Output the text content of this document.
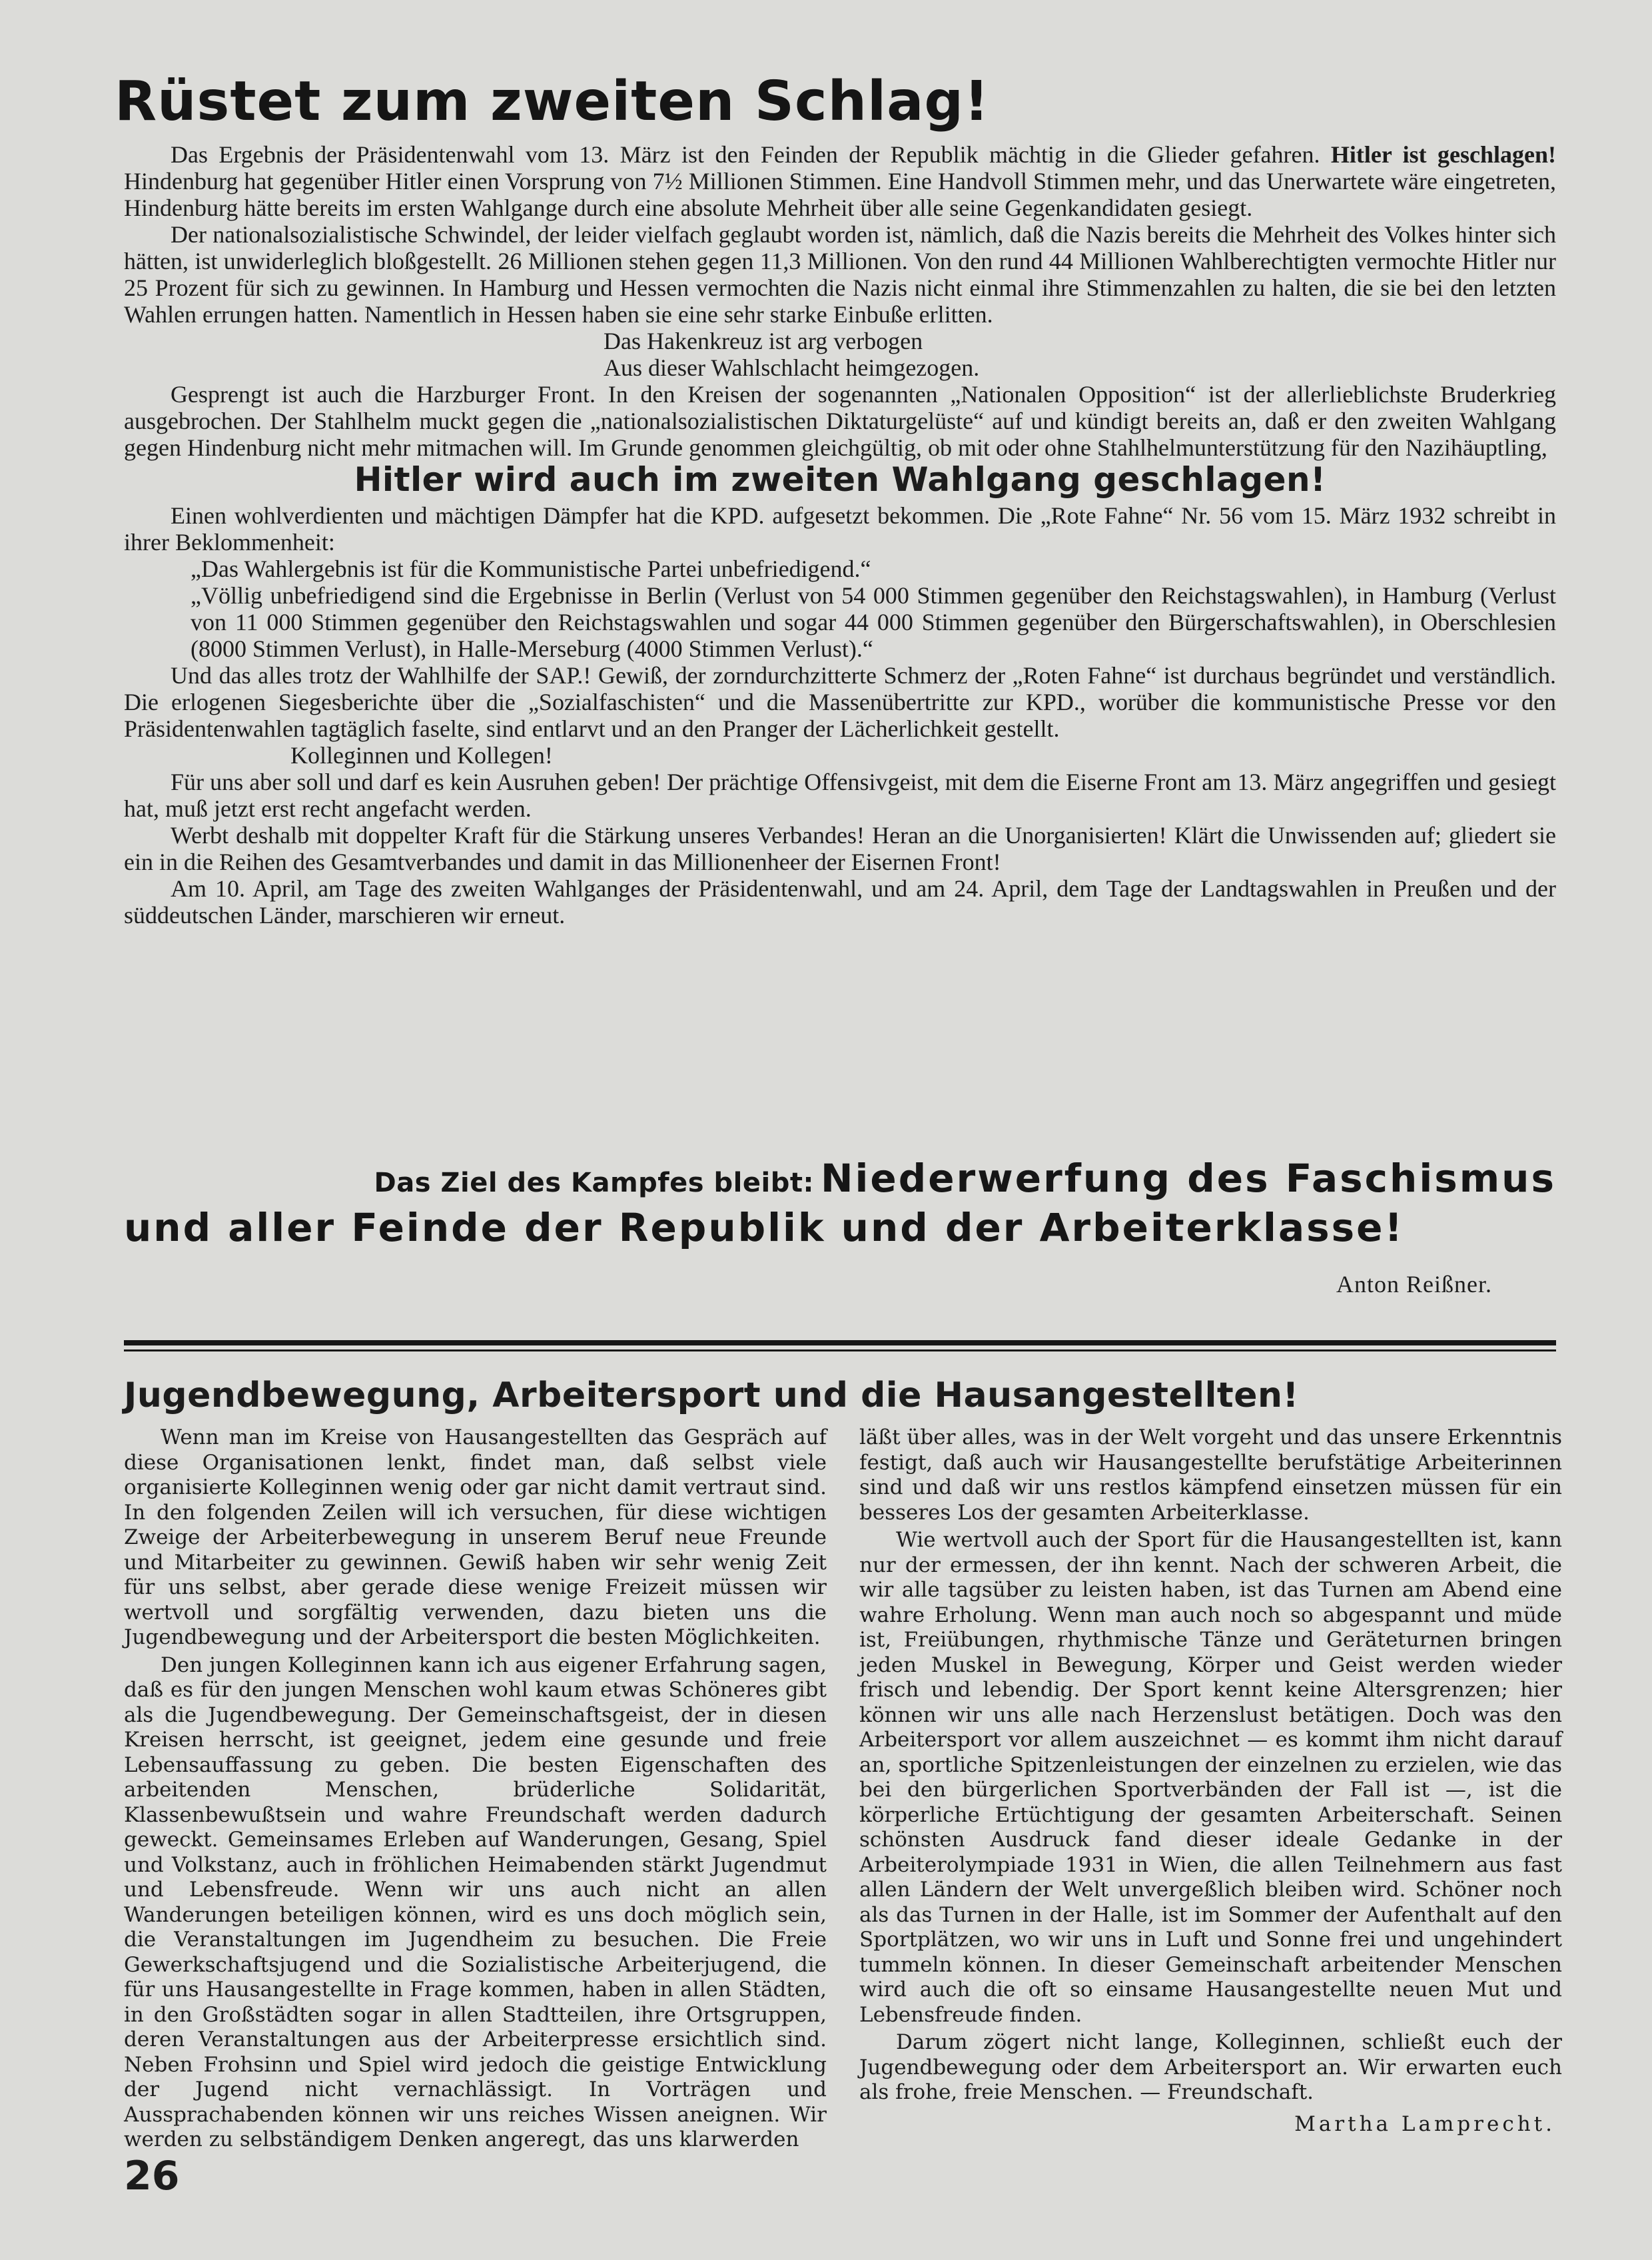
Rüstet zum zweiten Schlag!

Das Ergebnis der Präsidentenwahl vom 13. März ist den Feinden der Republik mächtig in die Glieder gefahren. Hitler ist geschlagen! Hindenburg hat gegenüber Hitler einen Vorsprung von 7½ Millionen Stimmen. Eine Handvoll Stimmen mehr, und das Unerwartete wäre eingetreten, Hindenburg hätte bereits im ersten Wahlgange durch eine absolute Mehrheit über alle seine Gegenkandidaten gesiegt.

Der nationalsozialistische Schwindel, der leider vielfach geglaubt worden ist, nämlich, daß die Nazis bereits die Mehrheit des Volkes hinter sich hätten, ist unwiderleglich bloßgestellt. 26 Millionen stehen gegen 11,3 Millionen. Von den rund 44 Millionen Wahlberechtigten vermochte Hitler nur 25 Prozent für sich zu gewinnen. In Hamburg und Hessen vermochten die Nazis nicht einmal ihre Stimmenzahlen zu halten, die sie bei den letzten Wahlen errungen hatten. Namentlich in Hessen haben sie eine sehr starke Einbuße erlitten.

Das Hakenkreuz ist arg verbogen

Aus dieser Wahlschlacht heimgezogen.

Gesprengt ist auch die Harzburger Front. In den Kreisen der sogenannten „Nationalen Opposition“ ist der allerlieblichste Bruderkrieg ausgebrochen. Der Stahlhelm muckt gegen die „nationalsozialistischen Diktaturgelüste“ auf und kündigt bereits an, daß er den zweiten Wahlgang gegen Hindenburg nicht mehr mitmachen will. Im Grunde genommen gleichgültig, ob mit oder ohne Stahlhelmunterstützung für den Nazihäuptling,

Hitler wird auch im zweiten Wahlgang geschlagen!

Einen wohlverdienten und mächtigen Dämpfer hat die KPD. aufgesetzt bekommen. Die „Rote Fahne“ Nr. 56 vom 15. März 1932 schreibt in ihrer Beklommenheit:

„Das Wahlergebnis ist für die Kommunistische Partei unbefriedigend.“

„Völlig unbefriedigend sind die Ergebnisse in Berlin (Verlust von 54 000 Stimmen gegenüber den Reichstagswahlen), in Hamburg (Verlust von 11 000 Stimmen gegenüber den Reichstagswahlen und sogar 44 000 Stimmen gegenüber den Bürgerschaftswahlen), in Oberschlesien (8000 Stimmen Verlust), in Halle-Merseburg (4000 Stimmen Verlust).“

Und das alles trotz der Wahlhilfe der SAP.! Gewiß, der zorndurchzitterte Schmerz der „Roten Fahne“ ist durchaus begründet und verständlich. Die erlogenen Siegesberichte über die „Sozialfaschisten“ und die Massenübertritte zur KPD., worüber die kommunistische Presse vor den Präsidentenwahlen tagtäglich faselte, sind entlarvt und an den Pranger der Lächerlichkeit gestellt.

Kolleginnen und Kollegen!

Für uns aber soll und darf es kein Ausruhen geben! Der prächtige Offensivgeist, mit dem die Eiserne Front am 13. März angegriffen und gesiegt hat, muß jetzt erst recht angefacht werden.

Werbt deshalb mit doppelter Kraft für die Stärkung unseres Verbandes! Heran an die Unorganisierten! Klärt die Unwissenden auf; gliedert sie ein in die Reihen des Gesamtverbandes und damit in das Millionenheer der Eisernen Front!

Am 10. April, am Tage des zweiten Wahlganges der Präsidentenwahl, und am 24. April, dem Tage der Landtagswahlen in Preußen und der süddeutschen Länder, marschieren wir erneut.

Das Ziel des Kampfes bleibt: Niederwerfung des Faschismus
und aller Feinde der Republik und der Arbeiterklasse!
Anton Reißner.
Jugendbewegung, Arbeitersport und die Hausangestellten!

Wenn man im Kreise von Hausangestellten das Gespräch auf diese Organisationen lenkt, findet man, daß selbst viele organisierte Kolleginnen wenig oder gar nicht damit vertraut sind. In den folgenden Zeilen will ich versuchen, für diese wichtigen Zweige der Arbeiterbewegung in unserem Beruf neue Freunde und Mitarbeiter zu gewinnen. Gewiß haben wir sehr wenig Zeit für uns selbst, aber gerade diese wenige Freizeit müssen wir wertvoll und sorgfältig verwenden, dazu bieten uns die Jugendbewegung und der Arbeitersport die besten Möglichkeiten.

Den jungen Kolleginnen kann ich aus eigener Erfahrung sagen, daß es für den jungen Menschen wohl kaum etwas Schöneres gibt als die Jugendbewegung. Der Gemeinschaftsgeist, der in diesen Kreisen herrscht, ist geeignet, jedem eine gesunde und freie Lebensauffassung zu geben. Die besten Eigenschaften des arbeitenden Menschen, brüderliche Solidarität, Klassenbewußtsein und wahre Freundschaft werden dadurch geweckt. Gemeinsames Erleben auf Wanderungen, Gesang, Spiel und Volkstanz, auch in fröhlichen Heimabenden stärkt Jugendmut und Lebensfreude. Wenn wir uns auch nicht an allen Wanderungen beteiligen können, wird es uns doch möglich sein, die Veranstaltungen im Jugendheim zu besuchen. Die Freie Gewerkschaftsjugend und die Sozialistische Arbeiterjugend, die für uns Hausangestellte in Frage kommen, haben in allen Städten, in den Großstädten sogar in allen Stadtteilen, ihre Ortsgruppen, deren Veranstaltungen aus der Arbeiterpresse ersichtlich sind. Neben Frohsinn und Spiel wird jedoch die geistige Entwicklung der Jugend nicht vernachlässigt. In Vorträgen und Aussprachabenden können wir uns reiches Wissen aneignen. Wir werden zu selbständigem Denken angeregt, das uns klarwerden

läßt über alles, was in der Welt vorgeht und das unsere Erkenntnis festigt, daß auch wir Hausangestellte berufstätige Arbeiterinnen sind und daß wir uns restlos kämpfend einsetzen müssen für ein besseres Los der gesamten Arbeiterklasse.

Wie wertvoll auch der Sport für die Hausangestellten ist, kann nur der ermessen, der ihn kennt. Nach der schweren Arbeit, die wir alle tagsüber zu leisten haben, ist das Turnen am Abend eine wahre Erholung. Wenn man auch noch so abgespannt und müde ist, Freiübungen, rhythmische Tänze und Geräteturnen bringen jeden Muskel in Bewegung, Körper und Geist werden wieder frisch und lebendig. Der Sport kennt keine Altersgrenzen; hier können wir uns alle nach Herzenslust betätigen. Doch was den Arbeitersport vor allem auszeichnet — es kommt ihm nicht darauf an, sportliche Spitzenleistungen der einzelnen zu erzielen, wie das bei den bürgerlichen Sportverbänden der Fall ist —, ist die körperliche Ertüchtigung der gesamten Arbeiterschaft. Seinen schönsten Ausdruck fand dieser ideale Gedanke in der Arbeiterolympiade 1931 in Wien, die allen Teilnehmern aus fast allen Ländern der Welt unvergeßlich bleiben wird. Schöner noch als das Turnen in der Halle, ist im Sommer der Aufenthalt auf den Sportplätzen, wo wir uns in Luft und Sonne frei und ungehindert tummeln können. In dieser Gemeinschaft arbeitender Menschen wird auch die oft so einsame Hausangestellte neuen Mut und Lebensfreude finden.

Darum zögert nicht lange, Kolleginnen, schließt euch der Jugendbewegung oder dem Arbeitersport an. Wir erwarten euch als frohe, freie Menschen. — Freundschaft.

Martha Lamprecht.

26
